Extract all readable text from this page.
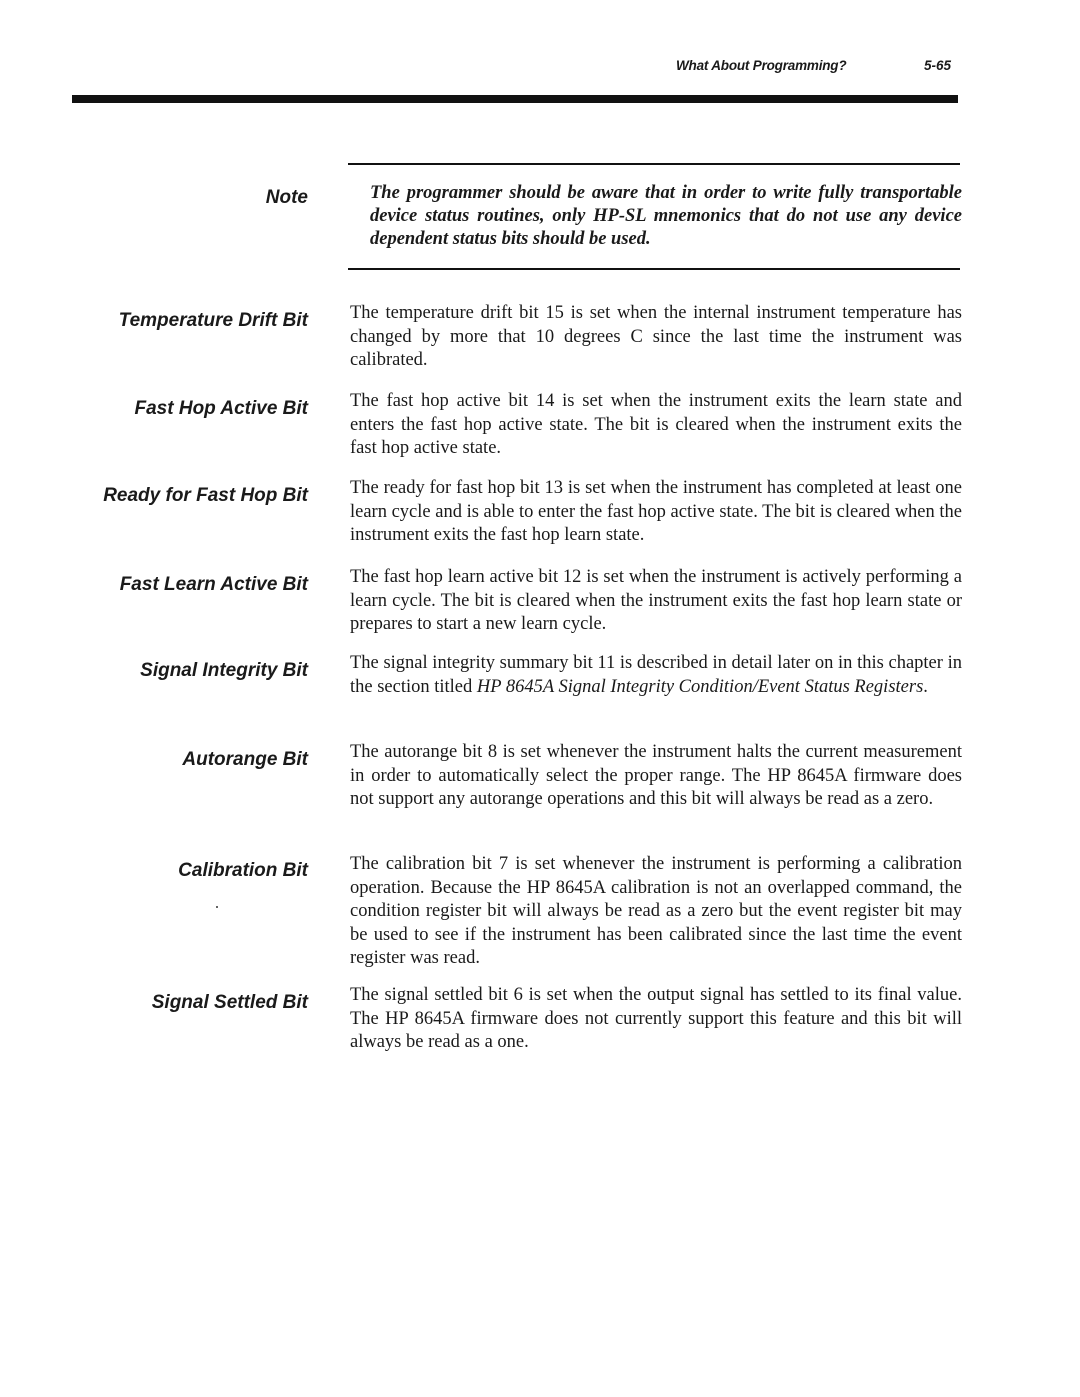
What About Programming?	5-65
Note	The programmer should be aware that in order to write fully transportable device status routines, only HP-SL mnemonics that do not use any device dependent status bits should be used.
Temperature Drift Bit The temperature drift bit 15 is set when the internal instrument temperature has changed by more that 10 degrees C since the last time the instrument was calibrated.
Fast Hop Active Bit The fast hop active bit 14 is set when the instrument exits the learn state and enters the fast hop active state. The bit is cleared when the instrument exits the fast hop active state.
Ready for Fast Hop Bit The ready for fast hop bit 13 is set when the instrument has completed at least one learn cycle and is able to enter the fast hop active state. The bit is cleared when the instrument exits the fast hop learn state.
Fast Learn Active Bit The fast hop learn active bit 12 is set when the instrument is actively performing a learn cycle. The bit is cleared when the instrument exits the fast hop learn state or prepares to start a new learn cycle.
Signal Integrity Bit The signal integrity summary bit 11 is described in detail later on in this chapter in the section titled HP 8645A Signal Integrity Condition/Event Status Registers.
Autorange Bit The autorange bit 8 is set whenever the instrument halts the current measurement in order to automatically select the proper range. The HP 8645A firmware does not support any autorange operations and this bit will always be read as a zero.
Calibration Bit The calibration bit 7 is set whenever the instrument is performing a calibration operation. Because the HP 8645A calibration is not an overlapped command, the condition register bit will always be read as a zero but the event register bit may be used to see if the instrument has been calibrated since the last time the event register was read.
Signal Settled Bit The signal settled bit 6 is set when the output signal has settled to its final value. The HP 8645A firmware does not currently support this feature and this bit will always be read as a one.
